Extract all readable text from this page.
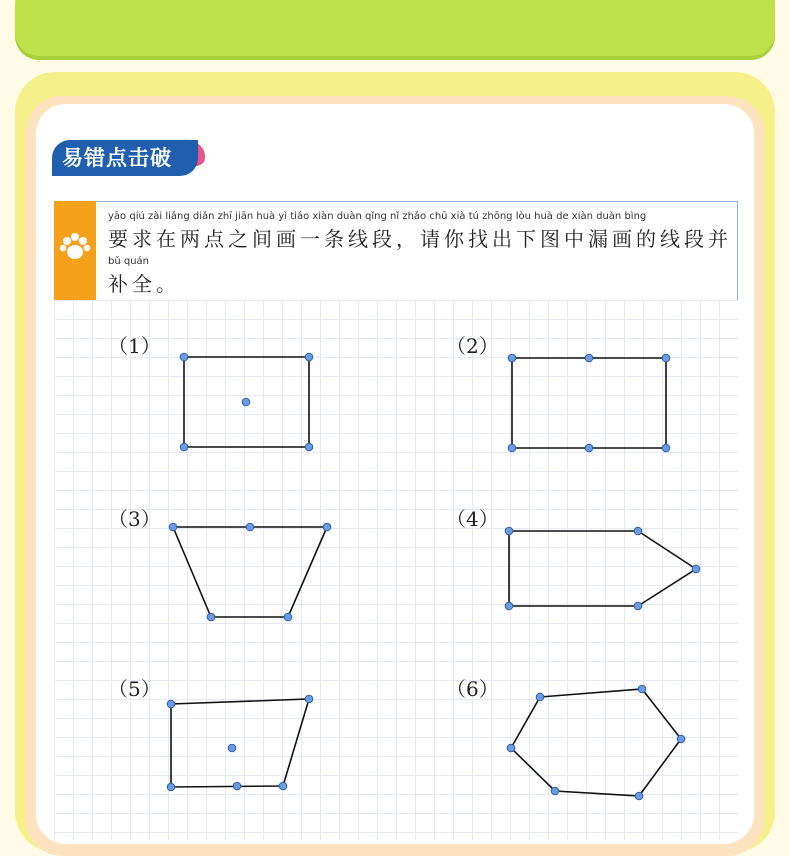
易错点击破
yāo qiú zài liǎng diǎn zhī jiān huà yì tiáo xiàn duàn qǐng nǐ zhǎo chū xià tú zhōng lòu huà de xiàn duàn bìng
要求在两点之间画一条线段，请你找出下图中漏画的线段并
bǔ quán
补全。
（1）	（2）
（3）	（4）
（5）	（6）
